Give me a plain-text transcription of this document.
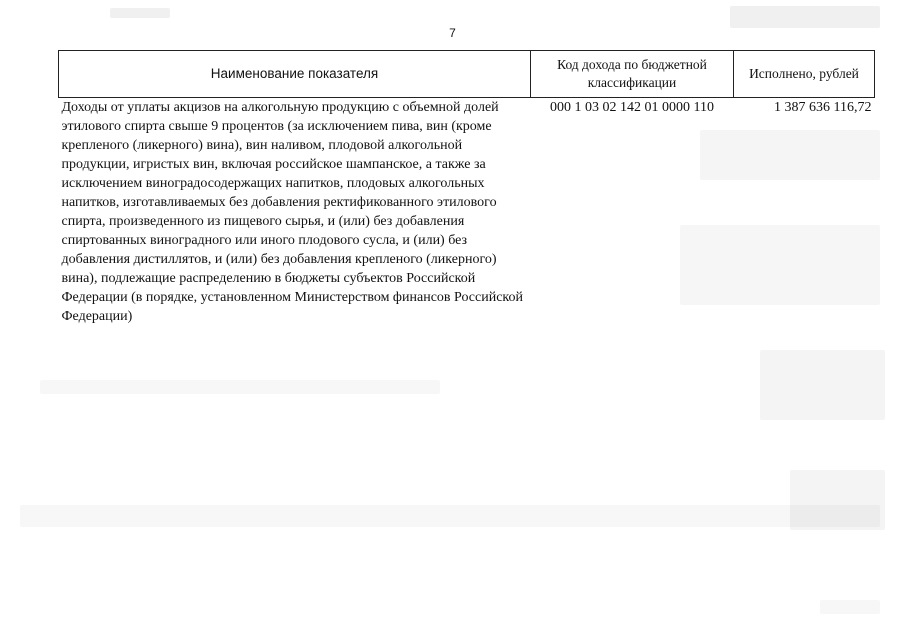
7
Наименование показателя	Код дохода по бюджетной классификации	Исполнено, рублей
Доходы от уплаты акцизов на алкогольную продукцию с объемной долей этилового спирта свыше 9 процентов (за исключением пива, вин (кроме крепленого (ликерного) вина), вин наливом, плодовой алкогольной продукции, игристых вин, включая российское шампанское, а также за исключением виноградосодержащих напитков, плодовых алкогольных напитков, изготавливаемых без добавления ректификованного этилового спирта, произведенного из пищевого сырья, и (или) без добавления спиртованных виноградного или иного плодового сусла, и (или) без добавления дистиллятов, и (или) без добавления крепленого (ликерного) вина), подлежащие распределению в бюджеты субъектов Российской Федерации (в порядке, установленном Министерством финансов Российской Федерации)	000 1 03 02 142 01 0000 110	1 387 636 116,72
